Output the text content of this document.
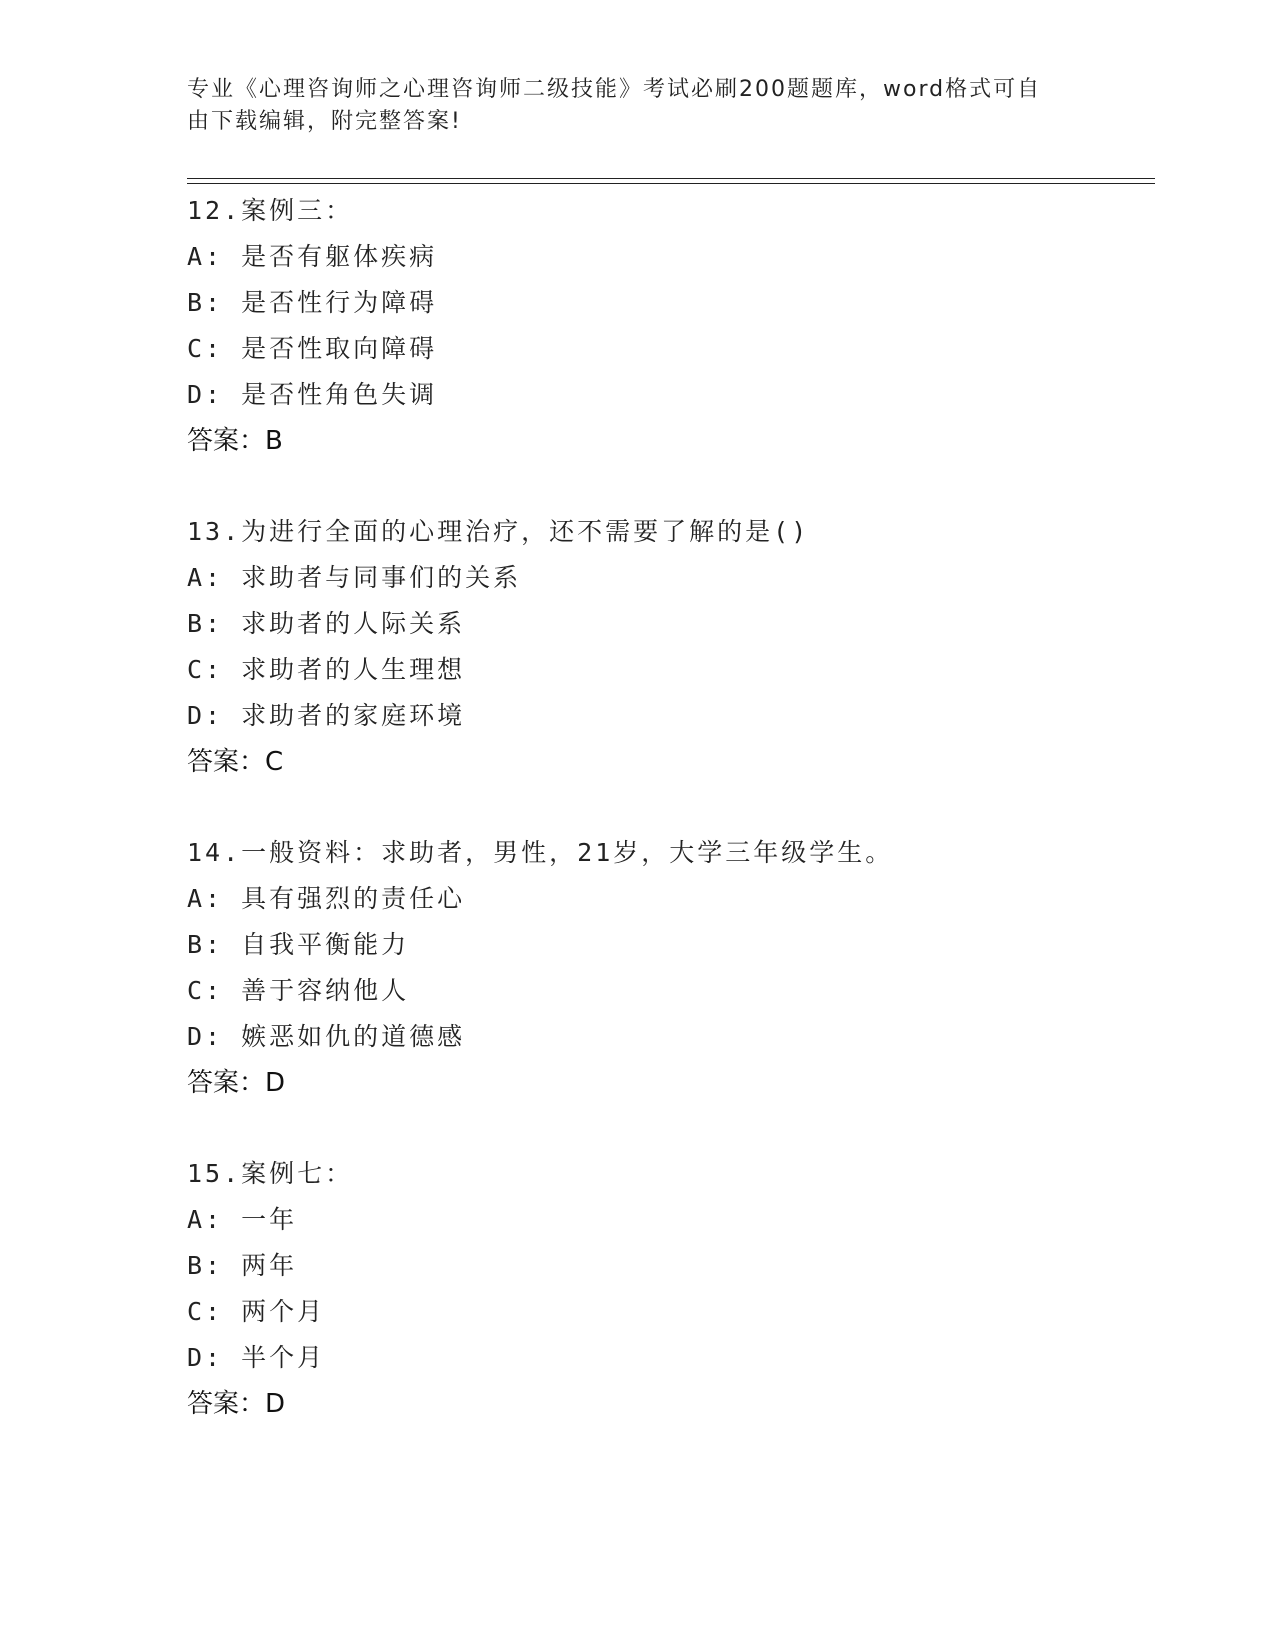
专业《心理咨询师之心理咨询师二级技能》考试必刷200题题库，word格式可自
由下载编辑，附完整答案!
12.案例三：
A: 是否有躯体疾病
B: 是否性行为障碍
C: 是否性取向障碍
D: 是否性角色失调
答案：B
13.为进行全面的心理治疗，还不需要了解的是()
A: 求助者与同事们的关系
B: 求助者的人际关系
C: 求助者的人生理想
D: 求助者的家庭环境
答案：C
14.一般资料：求助者，男性，21岁，大学三年级学生。
A: 具有强烈的责任心
B: 自我平衡能力
C: 善于容纳他人
D: 嫉恶如仇的道德感
答案：D
15.案例七：
A: 一年
B: 两年
C: 两个月
D: 半个月
答案：D
